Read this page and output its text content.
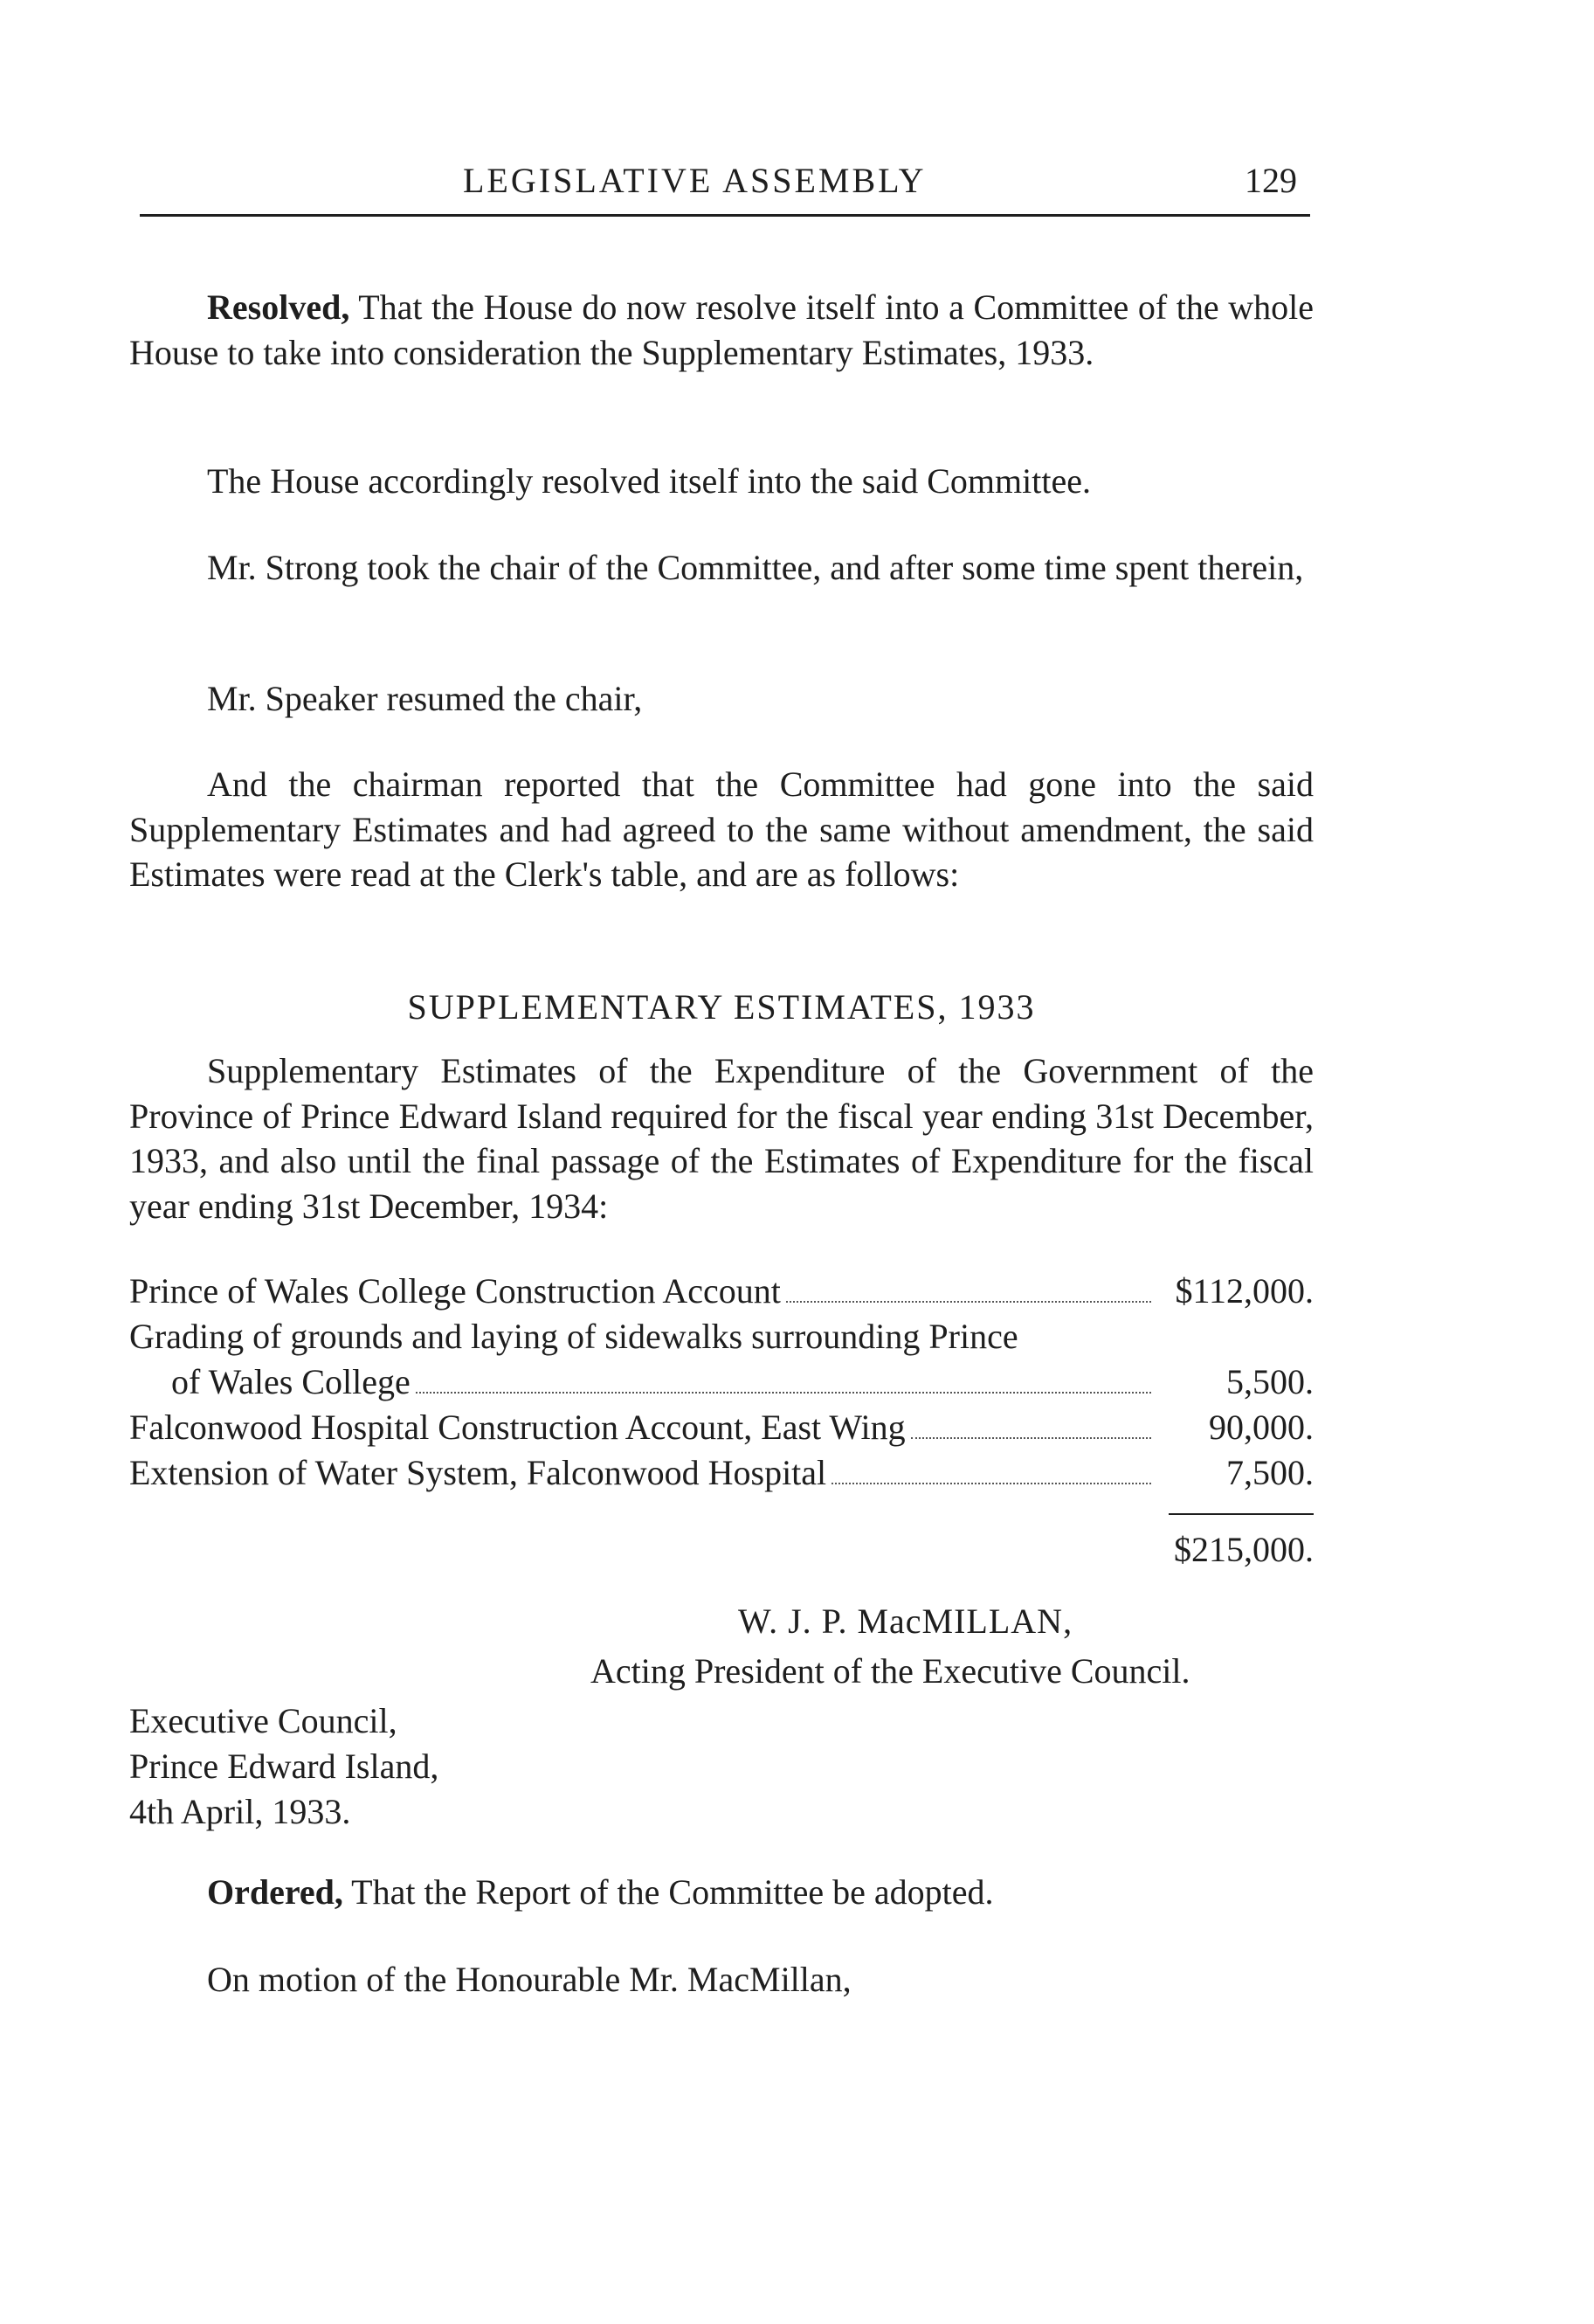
LEGISLATIVE ASSEMBLY	129

Resolved, That the House do now resolve itself into a Committee of the whole House to take into consideration the Supplementary Estimates, 1933.

The House accordingly resolved itself into the said Committee.

Mr. Strong took the chair of the Committee, and after some time spent therein,

Mr. Speaker resumed the chair,

And the chairman reported that the Committee had gone into the said Supplementary Estimates and had agreed to the same without amendment, the said Estimates were read at the Clerk's table, and are as follows:

SUPPLEMENTARY ESTIMATES, 1933

Supplementary Estimates of the Expenditure of the Government of the Province of Prince Edward Island required for the fiscal year ending 31st December, 1933, and also until the final passage of the Estimates of Expenditure for the fiscal year ending 31st December, 1934:

Prince of Wales College Construction Account	$112,000.
Grading of grounds and laying of sidewalks surrounding Prince
of Wales College	5,500.
Falconwood Hospital Construction Account, East Wing	90,000.
Extension of Water System, Falconwood Hospital	7,500.
$215,000.
W. J. P. MacMILLAN,
Acting President of the Executive Council.
Executive Council,
Prince Edward Island,
4th April, 1933.

Ordered, That the Report of the Committee be adopted.

On motion of the Honourable Mr. MacMillan,
